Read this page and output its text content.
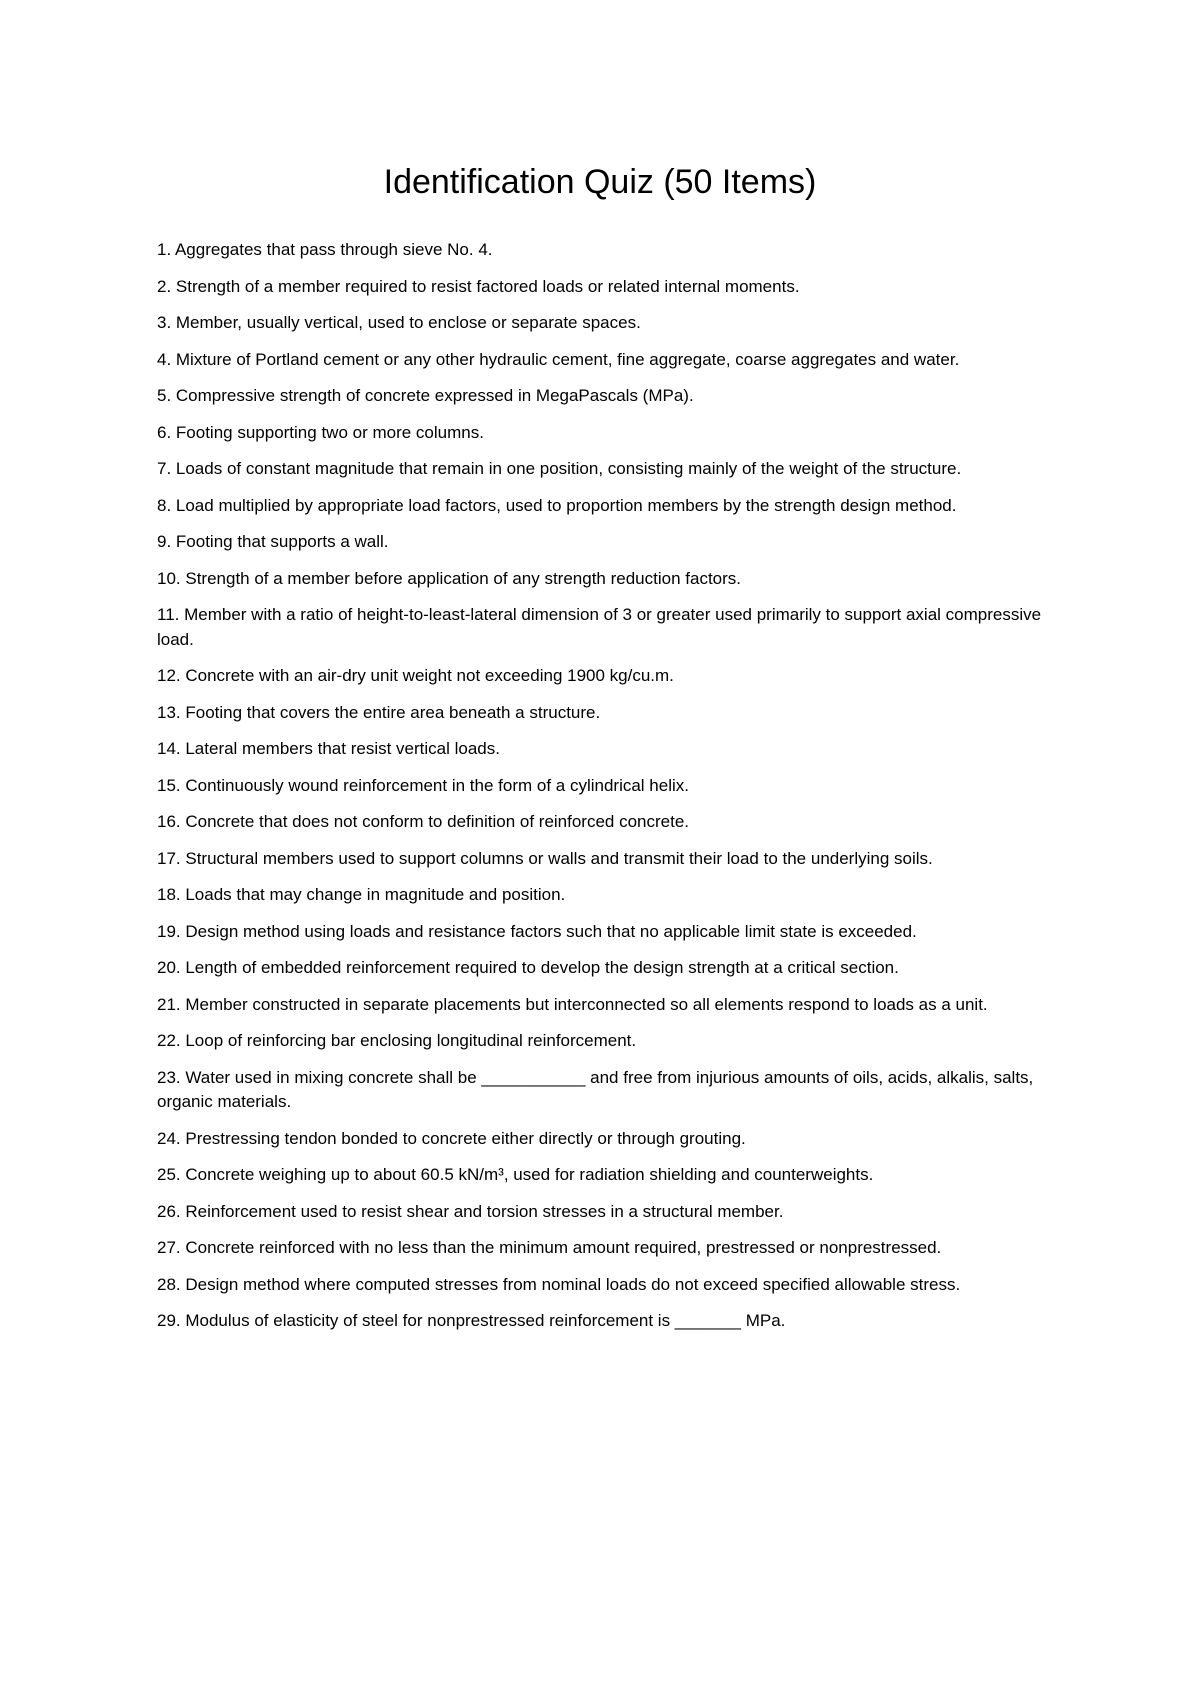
Identification Quiz (50 Items)
1. Aggregates that pass through sieve No. 4.
2. Strength of a member required to resist factored loads or related internal moments.
3. Member, usually vertical, used to enclose or separate spaces.
4. Mixture of Portland cement or any other hydraulic cement, fine aggregate, coarse aggregates and water.
5. Compressive strength of concrete expressed in MegaPascals (MPa).
6. Footing supporting two or more columns.
7. Loads of constant magnitude that remain in one position, consisting mainly of the weight of the structure.
8. Load multiplied by appropriate load factors, used to proportion members by the strength design method.
9. Footing that supports a wall.
10. Strength of a member before application of any strength reduction factors.
11. Member with a ratio of height-to-least-lateral dimension of 3 or greater used primarily to support axial compressive load.
12. Concrete with an air-dry unit weight not exceeding 1900 kg/cu.m.
13. Footing that covers the entire area beneath a structure.
14. Lateral members that resist vertical loads.
15. Continuously wound reinforcement in the form of a cylindrical helix.
16. Concrete that does not conform to definition of reinforced concrete.
17. Structural members used to support columns or walls and transmit their load to the underlying soils.
18. Loads that may change in magnitude and position.
19. Design method using loads and resistance factors such that no applicable limit state is exceeded.
20. Length of embedded reinforcement required to develop the design strength at a critical section.
21. Member constructed in separate placements but interconnected so all elements respond to loads as a unit.
22. Loop of reinforcing bar enclosing longitudinal reinforcement.
23. Water used in mixing concrete shall be ___________ and free from injurious amounts of oils, acids, alkalis, salts, organic materials.
24. Prestressing tendon bonded to concrete either directly or through grouting.
25. Concrete weighing up to about 60.5 kN/m³, used for radiation shielding and counterweights.
26. Reinforcement used to resist shear and torsion stresses in a structural member.
27. Concrete reinforced with no less than the minimum amount required, prestressed or nonprestressed.
28. Design method where computed stresses from nominal loads do not exceed specified allowable stress.
29. Modulus of elasticity of steel for nonprestressed reinforcement is _______ MPa.
